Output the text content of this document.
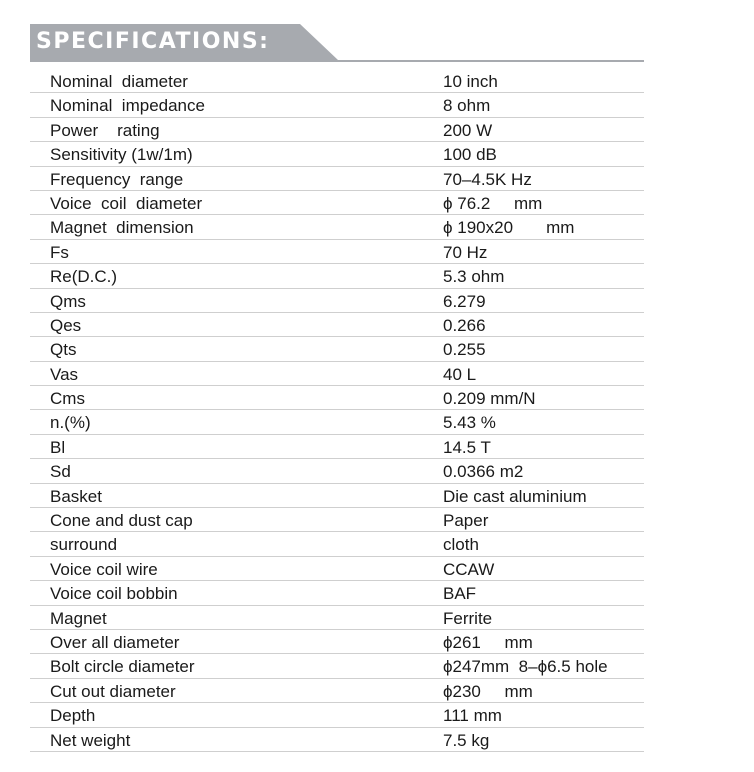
SPECIFICATIONS:
Nominal  diameter	10 inch
Nominal  impedance	8 ohm
Power    rating	200 W
Sensitivity (1w/1m)	100 dB
Frequency  range	70–4.5K Hz
Voice  coil  diameter	ϕ 76.2     mm
Magnet  dimension	ϕ 190x20       mm
Fs	70 Hz
Re(D.C.)	5.3 ohm
Qms	6.279
Qes	0.266
Qts	0.255
Vas	40 L
Cms	0.209 mm/N
n.(%)	5.43 %
Bl	14.5 T
Sd	0.0366 m2
Basket	Die cast aluminium
Cone and dust cap	Paper
surround	cloth
Voice coil wire	CCAW
Voice coil bobbin	BAF
Magnet	Ferrite
Over all diameter	ϕ261     mm
Bolt circle diameter	ϕ247mm  8–ϕ6.5 hole
Cut out diameter	ϕ230     mm
Depth	111 mm
Net weight	7.5 kg
